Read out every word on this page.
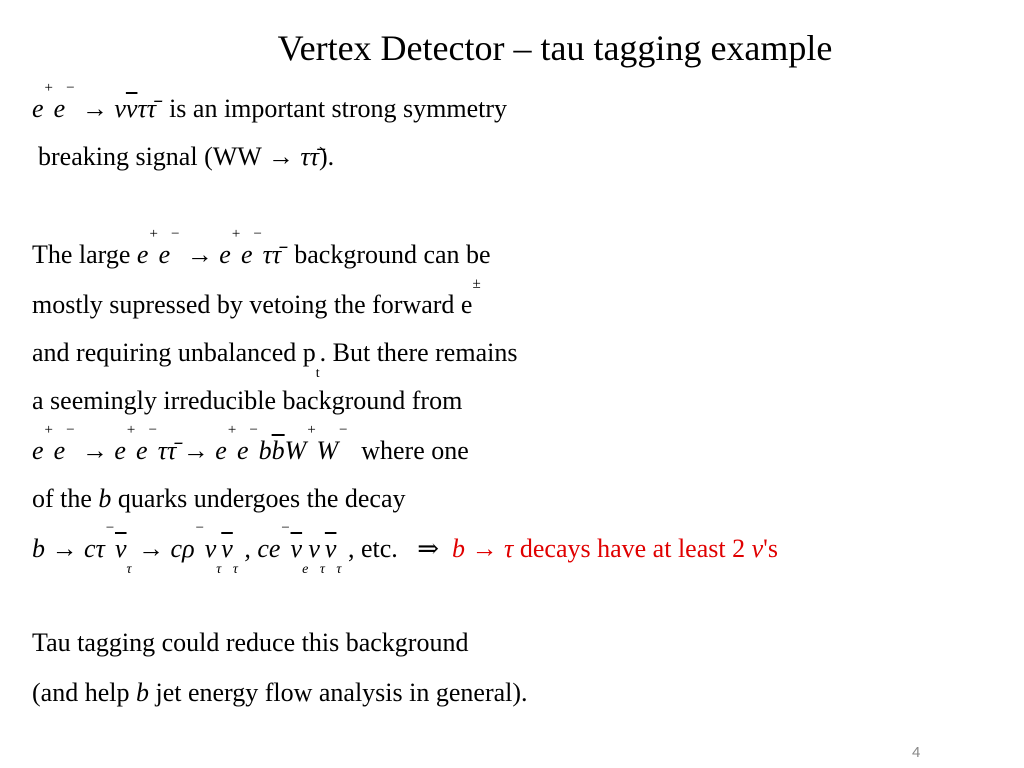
Vertex Detector – tau tagging example
$e^+e^- \to \nu\overline{\nu}\tau\taū$ is an important strong symmetry
breaking signal (WW → ττ̄).
The large e+e− → e+e−ττ̄ background can be
mostly supressed by vetoing the forward e±
and requiring unbalanced $p_t$. But there remains
a seemingly irreducible background from
e+e− → e+e−ττ̄ → $e^+e^-b\overline{b}W^+W^-$  where one
of the b quarks undergoes the decay
$b \to c\tau^-\overline{\nu}_\tau \to c\rho^-\nu_\tau\overline{\nu}_\tau$ , $ce^-\overline{\nu}_e\nu_\tau\overline{\nu}_\tau$ , etc. ⇒ b → τ decays have at least 2 ν's
Tau tagging could reduce this background
(and help b jet energy flow analysis in general).
4
